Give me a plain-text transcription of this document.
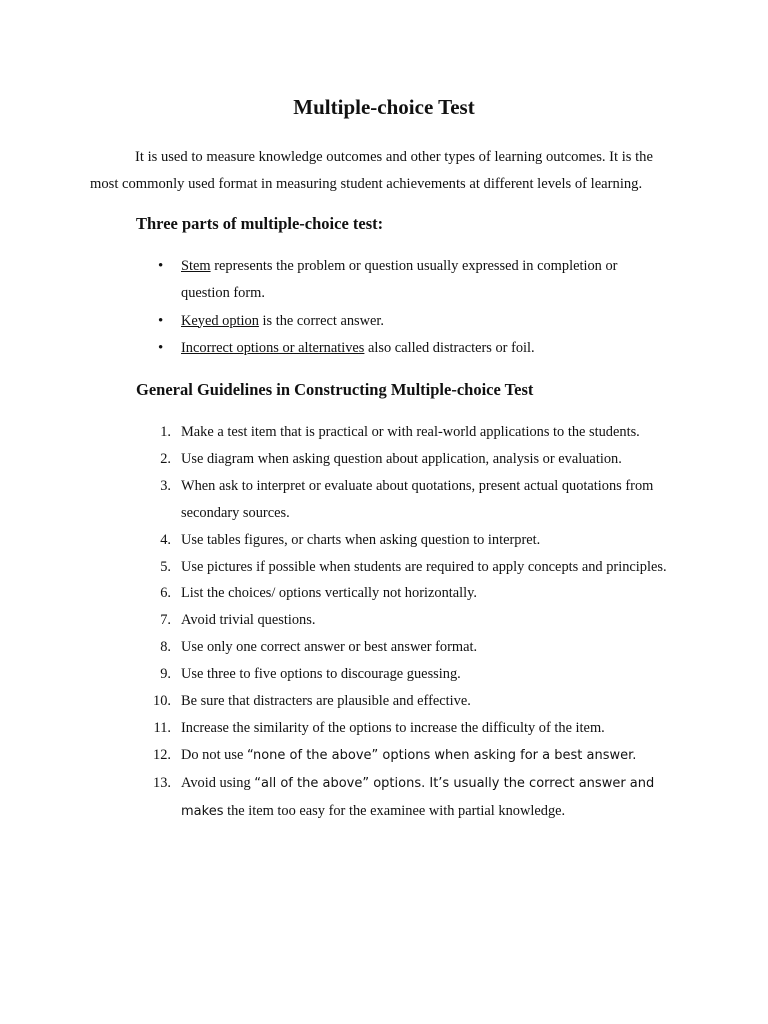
Multiple-choice Test

It is used to measure knowledge outcomes and other types of learning outcomes. It is the most commonly used format in measuring student achievements at different levels of learning.

Three parts of multiple-choice test:
• Stem represents the problem or question usually expressed in completion or question form.
• Keyed option is the correct answer.
• Incorrect options or alternatives also called distracters or foil.
General Guidelines in Constructing Multiple-choice Test
1. Make a test item that is practical or with real-world applications to the students.
2. Use diagram when asking question about application, analysis or evaluation.
3. When ask to interpret or evaluate about quotations, present actual quotations from secondary sources.
4. Use tables figures, or charts when asking question to interpret.
5. Use pictures if possible when students are required to apply concepts and principles.
6. List the choices/ options vertically not horizontally.
7. Avoid trivial questions.
8. Use only one correct answer or best answer format.
9. Use three to five options to discourage guessing.
10. Be sure that distracters are plausible and effective.
11. Increase the similarity of the options to increase the difficulty of the item.
12. Do not use “none of the above” options when asking for a best answer.
13. Avoid using “all of the above” options. It’s usually the correct answer and makes the item too easy for the examinee with partial knowledge.
